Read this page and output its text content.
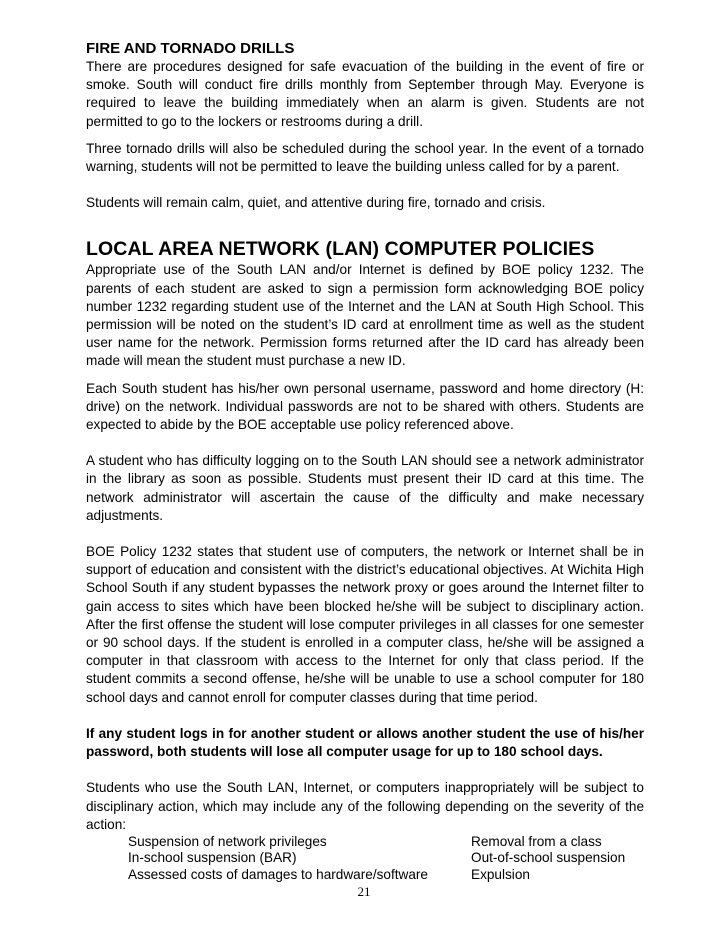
FIRE AND TORNADO DRILLS

There are procedures designed for safe evacuation of the building in the event of fire or smoke. South will conduct fire drills monthly from September through May. Everyone is required to leave the building immediately when an alarm is given. Students are not permitted to go to the lockers or restrooms during a drill.

Three tornado drills will also be scheduled during the school year. In the event of a tornado warning, students will not be permitted to leave the building unless called for by a parent.

Students will remain calm, quiet, and attentive during fire, tornado and crisis.

LOCAL AREA NETWORK (LAN) COMPUTER POLICIES

Appropriate use of the South LAN and/or Internet is defined by BOE policy 1232. The parents of each student are asked to sign a permission form acknowledging BOE policy number 1232 regarding student use of the Internet and the LAN at South High School. This permission will be noted on the student’s ID card at enrollment time as well as the student user name for the network. Permission forms returned after the ID card has already been made will mean the student must purchase a new ID.

Each South student has his/her own personal username, password and home directory (H: drive) on the network. Individual passwords are not to be shared with others. Students are expected to abide by the BOE acceptable use policy referenced above.

A student who has difficulty logging on to the South LAN should see a network administrator in the library as soon as possible. Students must present their ID card at this time. The network administrator will ascertain the cause of the difficulty and make necessary adjustments.

BOE Policy 1232 states that student use of computers, the network or Internet shall be in support of education and consistent with the district’s educational objectives. At Wichita High School South if any student bypasses the network proxy or goes around the Internet filter to gain access to sites which have been blocked he/she will be subject to disciplinary action. After the first offense the student will lose computer privileges in all classes for one semester or 90 school days. If the student is enrolled in a computer class, he/she will be assigned a computer in that classroom with access to the Internet for only that class period. If the student commits a second offense, he/she will be unable to use a school computer for 180 school days and cannot enroll for computer classes during that time period.

If any student logs in for another student or allows another student the use of his/her password, both students will lose all computer usage for up to 180 school days.

Students who use the South LAN, Internet, or computers inappropriately will be subject to disciplinary action, which may include any of the following depending on the severity of the action:

Suspension of network privileges	Removal from a class
In-school suspension (BAR)	Out-of-school suspension
Assessed costs of damages to hardware/software	Expulsion
21
